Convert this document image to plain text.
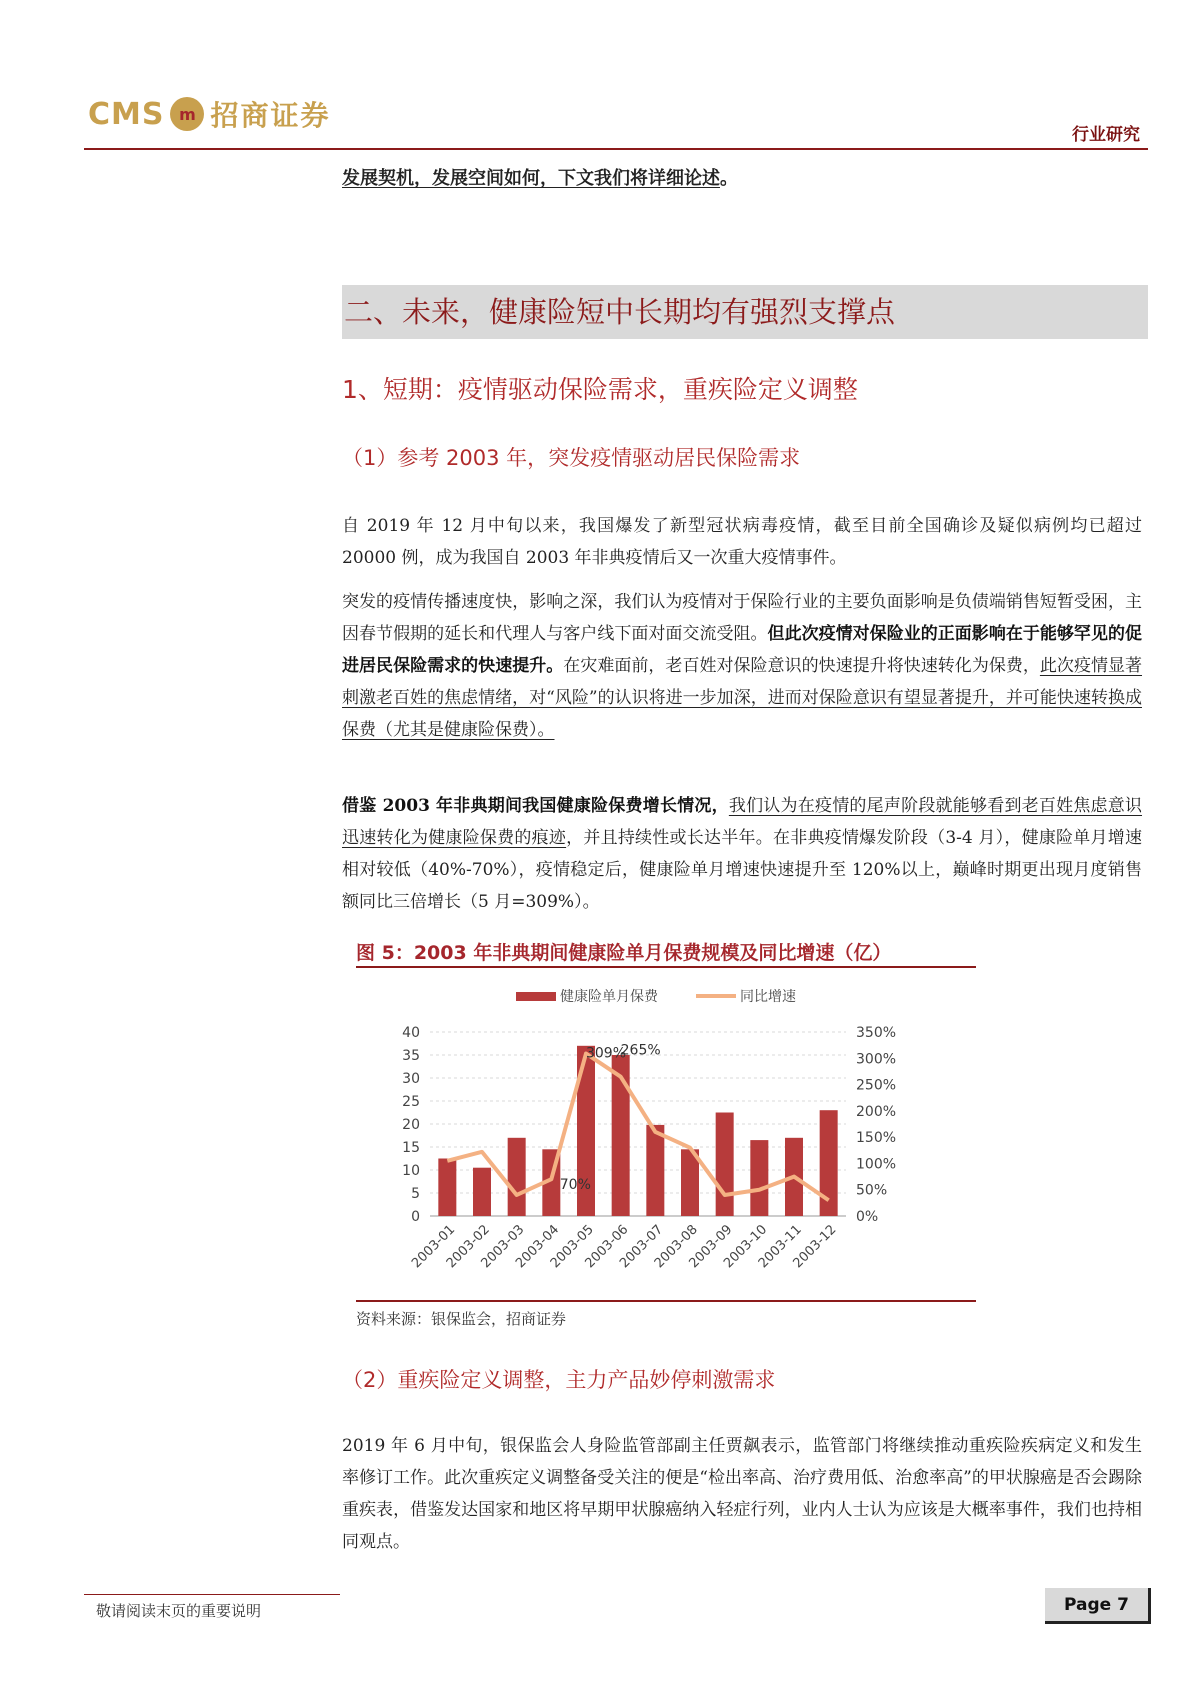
CMS m 招商证券
行业研究
发展契机，发展空间如何，下文我们将详细论述。
二、未来，健康险短中长期均有强烈支撑点
1、短期：疫情驱动保险需求，重疾险定义调整
（1）参考 2003 年，突发疫情驱动居民保险需求

自 2019 年 12 月中旬以来，我国爆发了新型冠状病毒疫情，截至目前全国确诊及疑似病例均已超过 20000 例，成为我国自 2003 年非典疫情后又一次重大疫情事件。

突发的疫情传播速度快，影响之深，我们认为疫情对于保险行业的主要负面影响是负债端销售短暂受困，主因春节假期的延长和代理人与客户线下面对面交流受阻。但此次疫情对保险业的正面影响在于能够罕见的促进居民保险需求的快速提升。在灾难面前，老百姓对保险意识的快速提升将快速转化为保费，此次疫情显著刺激老百姓的焦虑情绪，对“风险”的认识将进一步加深，进而对保险意识有望显著提升，并可能快速转换成保费（尤其是健康险保费）。

借鉴 2003 年非典期间我国健康险保费增长情况，我们认为在疫情的尾声阶段就能够看到老百姓焦虑意识迅速转化为健康险保费的痕迹，并且持续性或长达半年。在非典疫情爆发阶段（3-4 月），健康险单月增速相对较低（40%-70%），疫情稳定后，健康险单月增速快速提升至 120%以上，巅峰时期更出现月度销售额同比三倍增长（5 月=309%）。

图 5：2003 年非典期间健康险单月保费规模及同比增速（亿）
健康险单月保费	同比增速
0
5
10
15
20
25
30
35
40
0%
50%
100%
150%
200%
250%
300%
350%
2003-01
2003-02
2003-03
2003-04
2003-05
2003-06
2003-07
2003-08
2003-09
2003-10
2003-11
2003-12
70%
309%
265%
资料来源：银保监会，招商证券
（2）重疾险定义调整，主力产品妙停刺激需求

2019 年 6 月中旬，银保监会人身险监管部副主任贾飙表示，监管部门将继续推动重疾险疾病定义和发生率修订工作。此次重疾定义调整备受关注的便是“检出率高、治疗费用低、治愈率高”的甲状腺癌是否会踢除重疾表，借鉴发达国家和地区将早期甲状腺癌纳入轻症行列，业内人士认为应该是大概率事件，我们也持相同观点。

敬请阅读末页的重要说明	Page 7
